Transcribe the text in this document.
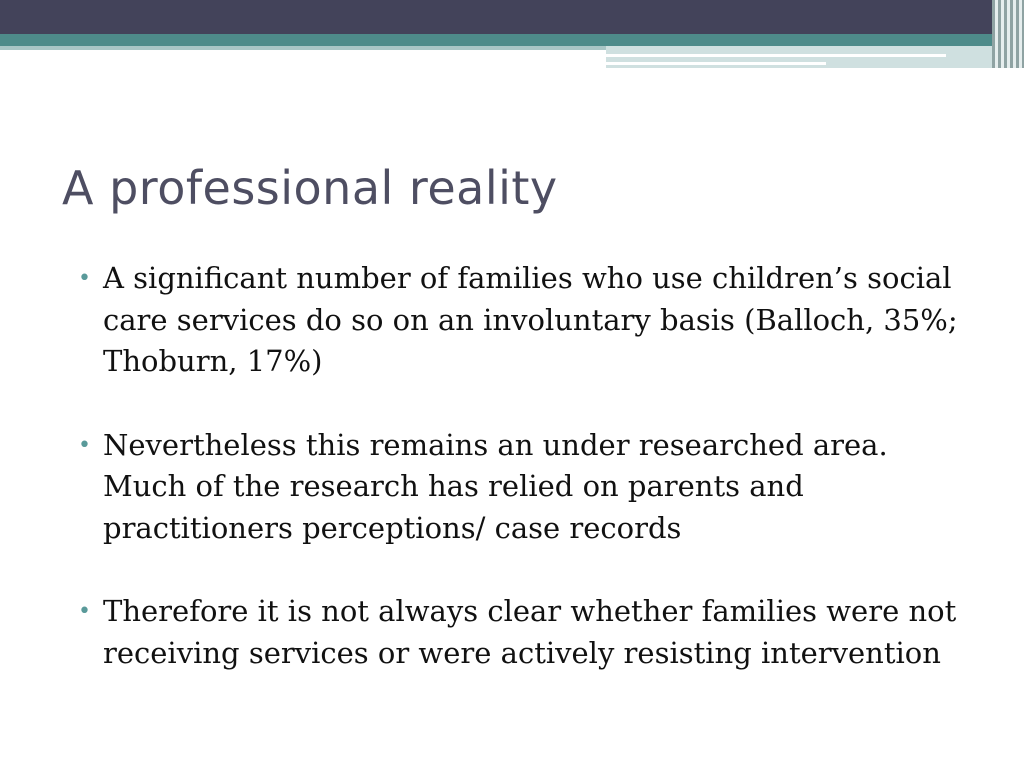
A professional reality
• A significant number of families who use children’s social care services do so on an involuntary basis (Balloch, 35%; Thoburn, 17%)
• Nevertheless this remains an under researched area. Much of the research has relied on parents and practitioners perceptions/ case records
• Therefore it is not always clear whether families were not receiving services or were actively resisting intervention
